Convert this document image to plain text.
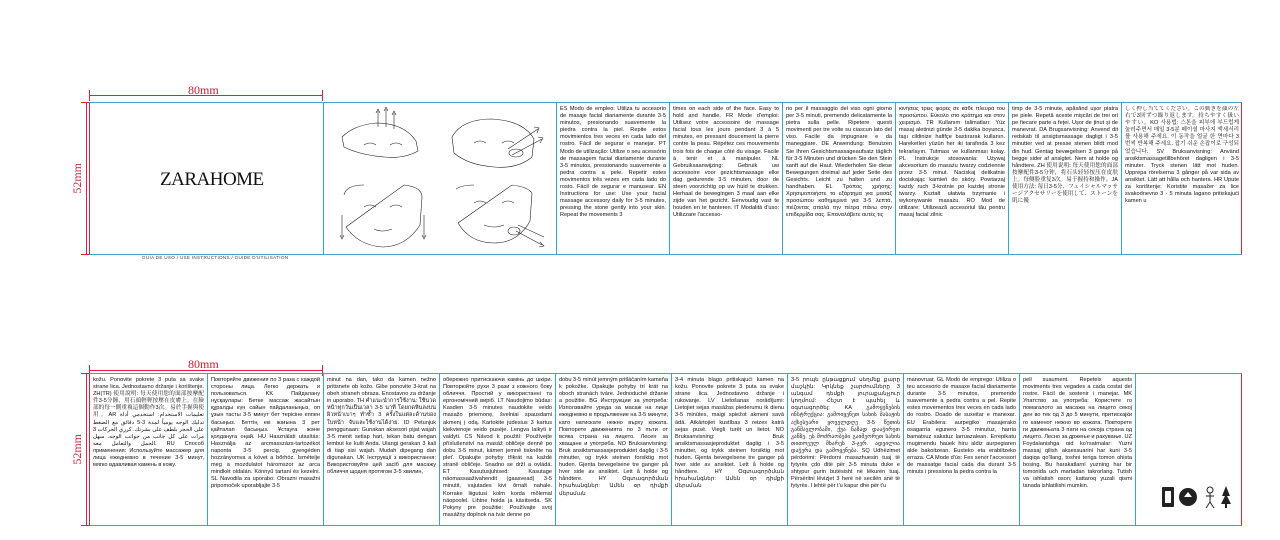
80mm
52mm	ZARAHOME
GUÍA DE USO / USE INSTRUCTIONS / GUIDE D'UTILISATION
ES Modo de empleo: Utiliza tu accesorio de masaje facial diariamente durante 3-5 minutos, presionando suavemente la piedra contra la piel. Repite estos movimientos tres veces en cada lado del rostro. Fácil de segurar e manejar. PT Modo de utilização: Utilize o seu acessório de massagem facial diariamente durante 3-5 minutos, pressionando suavemente a pedra contra a pele. Repetir estes movimentos três vezes em cada lado do rosto. Fácil de segurar e manusear. EN Instructions for use: Use your facial massage accessory daily for 3-5 minutes, pressing the stone gently into your skin. Repeat the movements 3
times on each side of the face. Easy to hold and handle. FR Mode d'emploi: Utilisez votre accessoire de massage facial tous les jours pendant 3 à 5 minutes, en pressant doucement la pierre contre la peau. Répétez ces mouvements trois fois de chaque côté du visage. Facile à tenir et à manipuler. NL Gebruiksaanwijzing: Gebruik uw accessoire voor gezichtsmassage elke dag gedurende 3-5 minuten, door de steen voorzichtig op uw huid te drukken. Herhaal de bewegingen 3 maal aan elke zijde van het gezicht. Eenvoudig vast te houden en te hanteren. IT Modalità d'uso: Utilizzare l'accesso-
rio per il massaggio del viso ogni giorno per 3-5 minuti, premendo delicatamente la pietra sulla pelle. Ripetere questi movimenti per tre volte su ciascun lato del viso. Facile da impugnare e da maneggiare. DE Anwendung: Benutzen Sie Ihren Gesichtsmassageaufsatz täglich für 3-5 Minuten und drücken Sie den Stein sanft auf die Haut. Wiederholen Sie diese Bewegungen dreimal auf jeder Seite des Gesichts. Leicht zu halten und zu handhaben. EL Τρόπος χρήσης: Χρησιμοποιήστε το εξάρτημα για μασάζ προσώπου καθημερινά για 3-5 λεπτά, πιέζοντας απαλά την πέτρα πάνω στην επιδερμίδα σας. Επαναλάβετε αυτές τις
κινήσεις τρεις φορές σε κάθε πλευρά του προσώπου. Εύκολο στο κράτημα και στον χειρισμό. TR Kullanım talimatları: Yüz masaj aletinizi günde 3-5 dakika boyunca, taşı cildinize hafifçe bastırarak kullanın. Hareketleri yüzün her iki tarafında 3 kez tekrarlayın. Tutması ve kullanması kolay. PL Instrukcje stosowania: Używaj akcesorium do masażu twarzy codziennie przez 3-5 minut. Naciskaj delikatnie dociskając kamień do skóry. Powtarzaj każdy ruch 3-krotnie po każdej stronie twarzy. Kształt ułatwia trzymanie i wykonywanie masażu. RO Mod de utilizare: Utilizează accesoriul tău pentru masaj facial zilnic
timp de 3-5 minute, apăsând ușor piatra pe piele. Repetă aceste mișcări de trei ori pe fiecare parte a feței. Ușor de ținut și de manevrat. DA Brugsanvisning: Anvend dit redskab til ansigtsmassage dagligt i 3-5 minutter ved at presse stenen blidt mod din hud. Gentag bevægelsen 3 gange på begge sider af ansigtet. Nem at holde og håndtere. ZH 使用说明: 每天使用您的面部按摩配件3-5分钟，将石头轻轻按压在皮肤上。每侧脸重复3次。易于握持和操作。JA 使用方法: 毎日3-5分、フェイシャルマッサージアクセサリーを使用して、ストーンを肌に優
しく押し当ててください。この動きを顔の左右で3回ずつ繰り返します。持ちやすく扱いやすい。KO 사용법: 스톤을 피부에 부드럽게 눌러주면서 매일 3-5분 페이셜 마사지 액세서리를 사용해 주세요. 이 동작을 얼굴 한 면마다 3번씩 반복해 주세요. 잡기 쉬운 손잡이로 구성되었습니다. SV Bruksanvisning: Använd ansiktsmassagetillbehöret dagligen i 3-5 minuter. Tryck stenen lätt mot huden. Upprepa rörelserna 3 gånger på var sida av ansiktet. Lätt att hålla och hantera. HR Upute za korištenje: Koristite masažer za lice svakodnevno 3 - 5 minuta lagano pritiskajući kamen u
80mm
52mm
kožu. Ponovite pokrete 3 puta sa svake strane lica. Jednostavno držanje i korištenje. ZH(TR) 使用說明: 每天使用您的面部按摩配件3-5分鐘，用石頭輕輕按壓在皮膚上。在臉部的每一側重複這個動作3次。易於手握與使用。AR تعليمات الاستخدام: استخدمي أداة تدليك الوجه يومياً لمدة 3-5 دقائق مع الضغط على الحجر بلطف على بشرتك. كرري الحركات 3 مرات على كل جانب من جوانب الوجه. سهل الحمل والتعامل معه. RU Способ применения: Используйте массажер для лица ежедневно в течение 3-5 минут, мягко вдавливая камень в кожу.
Повторяйте движения по 3 раза с каждой стороны лица. Легко держать и пользоваться. KK Пайдалану нұсқаулары: Бетке массаж жасайтын құралды күн сайын пайдаланыңыз, оп ұзын тасты 3-5 минут бет терісіне еппен басыңыз. Беттің екі жағына 3 рет қайталап басыңыз. Ұстауға және қолдануға оңай. HU Használati utasítás: Használja az arcmasszázs-tartozékot naponta 3-5 percig, gyengéden hozzányomva a követ a bőrhöz. Ismételje meg a mozdulatot háromszor az arca mindkét oldalán. Könnyű tartani és kezelni. SL Navodila za uporabo: Obrazni masažni pripomoček uporabljajte 3-5
minut na dan, tako da kamen nežno pritisnete ob kožo. Gibe ponovite 3-krat na obeh straneh obraza. Enostavno za držanje in uporabo. TH คำแนะนำการใช้งาน: ใช้นวดหน้าทุกวันเป็นเวลา 3-5 นาที โดยกดหินลงบนผิวหน้าเบาๆ ทำซ้ำ 3 ครั้งในแต่ละด้านของใบหน้า จับและใช้งานได้ง่าย. ID Petunjuk penggunaan: Gunakan aksesori pijat wajah 3-5 menit setiap hari, tekan batu dengan lembut ke kulit Anda. Ulangi gerakan 3 kali di tiap sisi wajah. Mudah dipegang dan digunakan. UK Інструкції з використання: Використовуйте цей засіб для масажу обличчя щодня протягом 3-5 хвилин,
обережно притискаючи камінь до шкіри. Повторюйте рухи 3 рази з кожного боку обличчя. Простий у використанні та ергономічний виріб. LT Naudojimo būdas: Kasdien 3-5 minutes naudokite veido masažo priemonę, švelniai spausdami akmenį į odą. Kartokite judesius 3 kartus kiekvienoje veido pusėje. Lengva laikyti ir valdyti. CS Návod k použití: Používejte příslušenství na masáž obličeje denně po dobu 3-5 minut, kámen jemně tiskněte na pleť. Opakujte pohyby třikrát na každé straně obličeje. Snadno se drží a ovládá. ET Kasutusjuhised: Kasutage näomassaaživahendit (gaasvead) 3-5 minutit, vajutades kivi õrnalt nahale. Korrake liigutusi kolm korda mõlemal näopoolel. Lihtne hoida ja käsitseda. SK Pokyny pre použitie: Používajte svoj masážny doplnok na tvár denne po
dobu 3-5 minút jemným pritláčaním kameňa k pokožke. Opakujte pohyby tri krát na oboch stranách tváre. Jednoduché držanie a použitie. BG Инструкции за употреба: Използвайте уреда за масаж на лице ежедневно в продължение на 3-5 минути, като натискате нежно върху кожата. Повторете движенията по 3 пъти от всяка страна на лицето. Лесен за хващане и употреба. NO Bruksanvisning: Bruk ansiktsmassasjeproduktet daglig i 3-5 minutter, og trykk steinen forsiktig mot huden. Gjenta bevegelsene tre ganger på hver side av ansiktet. Lett å holde og håndtere. HY Օգտագործման հրահանգներ: Ամեն օր դիմքի մերսման
3-4 minuta blago pritiskajući kamen na kožu. Ponovite pokrete 3 puta sa svake strane lica. Jednostavno držanje i rukovanje. LV Lietošanas norādījumi: Lietojiet sejas masāžas piederumu ik dienu 3-5 minūtes, maigi spiežot akmeni savā ādā. Atkārtojiet kustības 3 reizes katrā sejas pusē. Viegli turēt un lietot. NO Bruksanvisning: Bruk ansiktsmassasjeproduktet daglig i 3-5 minutter, og trykk steinen forsiktig mot huden. Gjenta bevegelsene tre ganger på hver side av ansiktet. Lett å holde og håndtere. HY Օգտագործման հրահանգներ: Ամեն օր դիմքի մերսման
3-5 րոպե ընթացքում սեղմեք քարը մաշկին: Կրկնեք շարժումները 3 անգամ դեմքի յուրաքանչյուր կողմում: Հեշտ է պահել և օգտագործել: KA გამოყენების ინსტრუქცია: გამოიყენეთ სახის მასაჟის აქსესუარი ყოველდღე 3-5 წუთის განმავლობაში, ქვა ნაზად დააჭირეთ კანზე. ეს მოძრაობები გაიმეორეთ სახის თითოეულ მხარეს 3-ჯერ. ადვილია დაჭერა და გამოყენება. SQ Udhëzimet përdorimi: Përdorni masazhuesin tuaj të fytyrës çdo ditë për 3-5 minuta duke e shtypur gurin butësisht në lëkurën tuaj. Përsëritni lëvizjet 3 herë në secilën anë të fytyrës. I lehtë për t'u kapur dhe për t'u
manovruar. GL Modo de emprego: Utiliza o teu accesorio de masaxe facial diariamente durante 3-5 minutos, premendo suavemente a pedra contra a pel. Repite estes movementos tres veces en cada lado do rostro. Doado de suxeitar e manexar. EU Erabilera: aurpegiko masajerako osagarria egunero 3-5 minutuz, harria bamatxuz sakatuz larruazalean. Errepikatu mugimendu hauek hiru aldiz aurpegiaren alde bakoitzean. Eusteko eta erabiltzeko erraza. CA Mode d'ús: Fes servir l'accessori de massatge facial cada dia durant 3-5 minuts i pressiona la pedra contra la
pell suaument. Repeteix aquests moviments tres vegades a cada costat del rostre. Fàcil de sostenir i manejar. MK Упатство за употреба: Користете го помагалото за масажа на лицето секој ден во тек од 3 до 5 минути, притискајќи го каменот нежно во кожата. Повторете ги движењата 3 пати на секоја страна од лицето. Лесно за држење и ракување. UZ Foydalanishga oid ko'rsatmalar: Yuzni massaj qilish aksessuarini har kuni 3-5 daqiqa qo'llang, toshni teriga tomon ohista bosing. Bu harakatlarni yuzning har bir tomonida uch martadan takrorlang. Tutish va ishlatish oson; kattaroq yuzali qismi tanada ishlatilishi mumkin.
